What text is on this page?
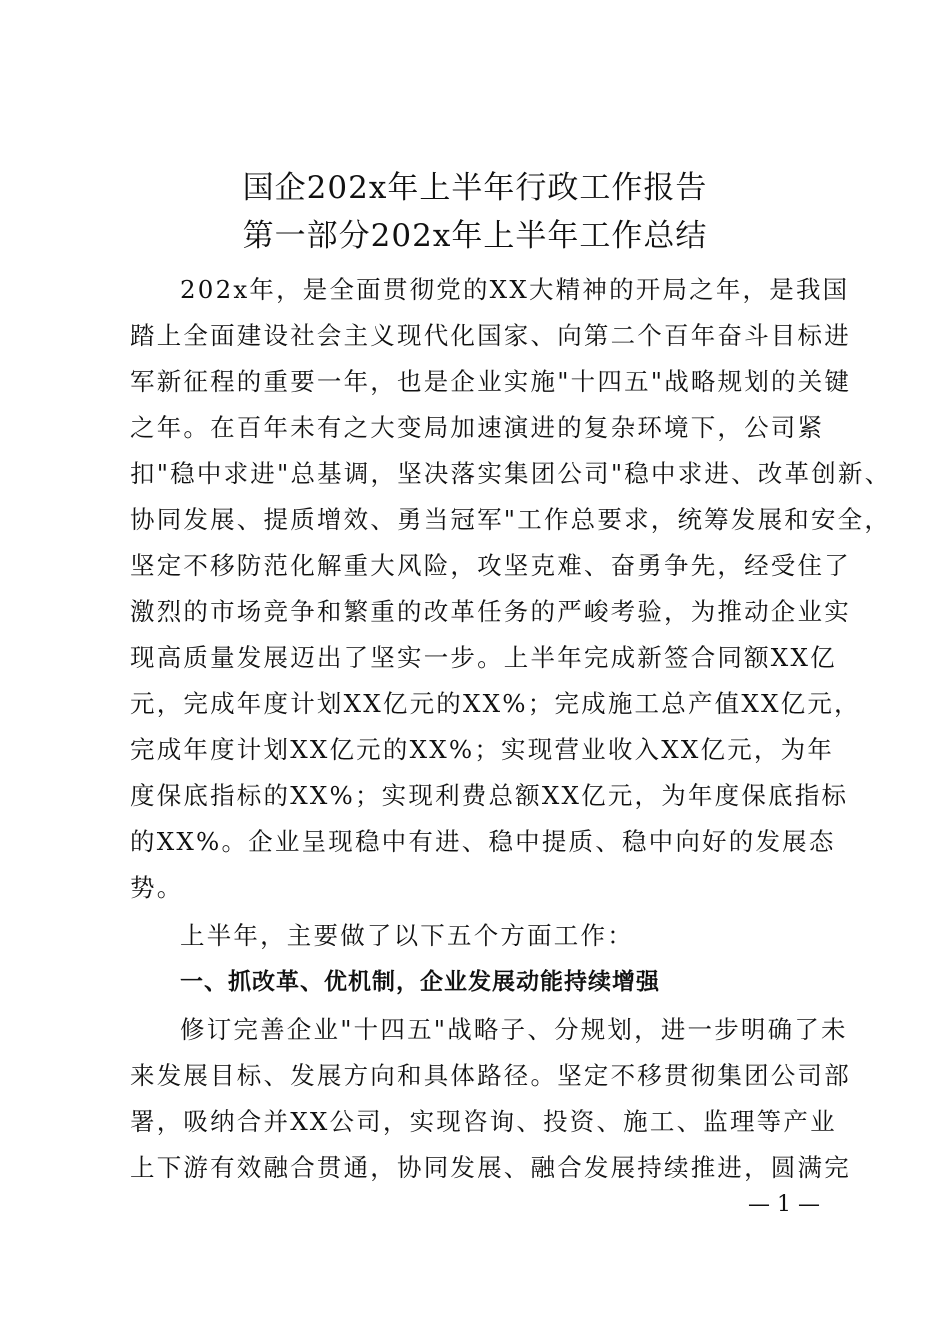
国企202x年上半年行政工作报告
第一部分202x年上半年工作总结
202x年，是全面贯彻党的XX大精神的开局之年，是我国
踏上全面建设社会主义现代化国家、向第二个百年奋斗目标进
军新征程的重要一年，也是企业实施"十四五"战略规划的关键
之年。在百年未有之大变局加速演进的复杂环境下，公司紧
扣"稳中求进"总基调，坚决落实集团公司"稳中求进、改革创新、
协同发展、提质增效、勇当冠军"工作总要求，统筹发展和安全，
坚定不移防范化解重大风险，攻坚克难、奋勇争先，经受住了
激烈的市场竞争和繁重的改革任务的严峻考验，为推动企业实
现高质量发展迈出了坚实一步。上半年完成新签合同额XX亿
元，完成年度计划XX亿元的XX%；完成施工总产值XX亿元，
完成年度计划XX亿元的XX%；实现营业收入XX亿元，为年
度保底指标的XX%；实现利费总额XX亿元，为年度保底指标
的XX%。企业呈现稳中有进、稳中提质、稳中向好的发展态
势。
上半年，主要做了以下五个方面工作：
一、抓改革、优机制，企业发展动能持续增强
修订完善企业"十四五"战略子、分规划，进一步明确了未
来发展目标、发展方向和具体路径。坚定不移贯彻集团公司部
署，吸纳合并XX公司，实现咨询、投资、施工、监理等产业
上下游有效融合贯通，协同发展、融合发展持续推进，圆满完
— 1 —
